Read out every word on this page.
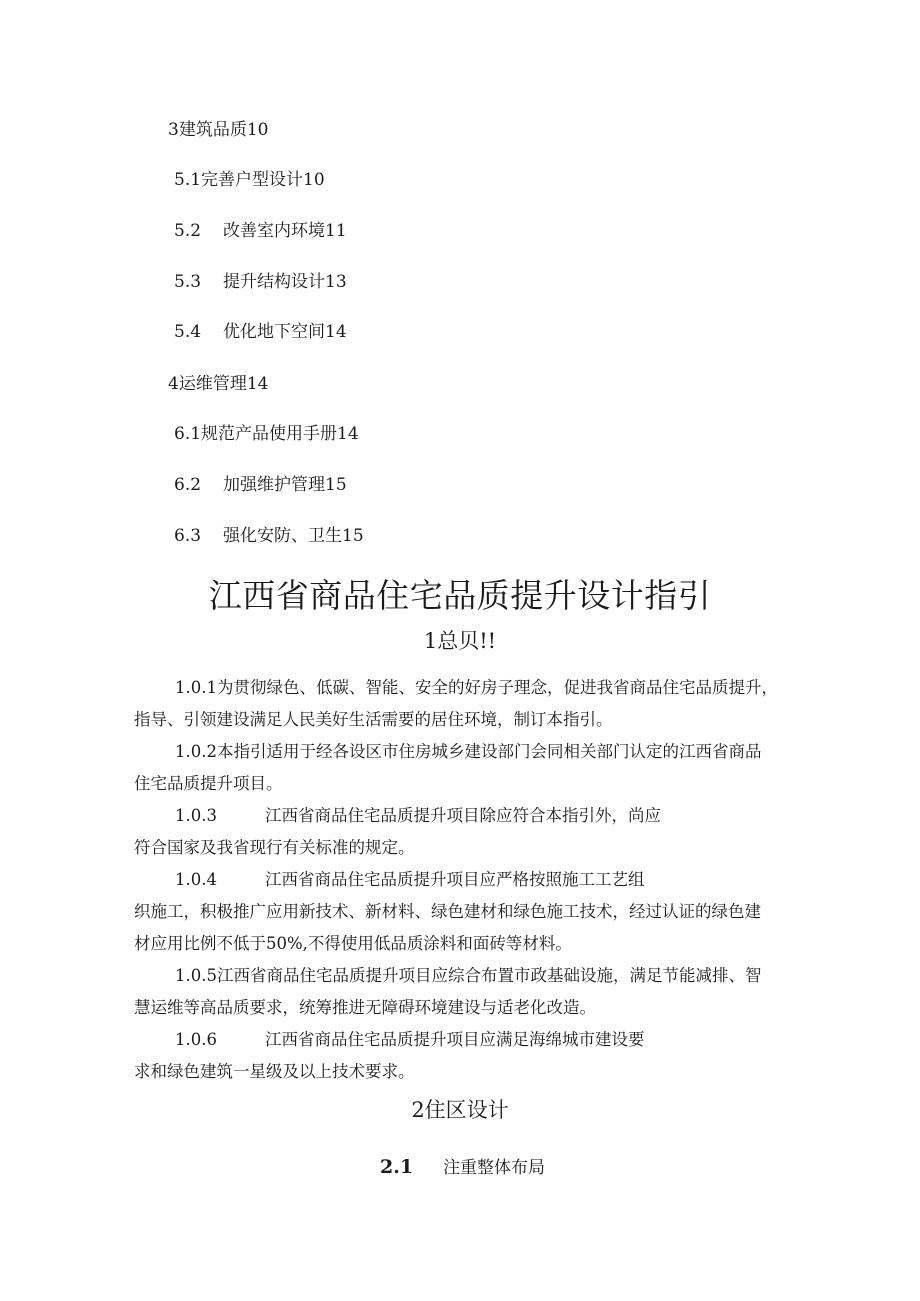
3建筑品质10
5.1完善户型设计10
5.2 改善室内环境11
5.3 提升结构设计13
5.4 优化地下空间14
4运维管理14
6.1规范产品使用手册14
6.2 加强维护管理15
6.3 强化安防、卫生15
江西省商品住宅品质提升设计指引
1总贝!!
1.0.1为贯彻绿色、低碳、智能、安全的好房子理念，促进我省商品住宅品质提升，
指导、引领建设满足人民美好生活需要的居住环境，制订本指引。
1.0.2本指引适用于经各设区市住房城乡建设部门会同相关部门认定的江西省商品
住宅品质提升项目。
1.0.3	江西省商品住宅品质提升项目除应符合本指引外，尚应
符合国家及我省现行有关标准的规定。
1.0.4	江西省商品住宅品质提升项目应严格按照施工工艺组
织施工，积极推广应用新技术、新材料、绿色建材和绿色施工技术，经过认证的绿色建
材应用比例不低于50%,不得使用低品质涂料和面砖等材料。
1.0.5江西省商品住宅品质提升项目应综合布置市政基础设施，满足节能减排、智
慧运维等高品质要求，统筹推进无障碍环境建设与适老化改造。
1.0.6	江西省商品住宅品质提升项目应满足海绵城市建设要
求和绿色建筑一星级及以上技术要求。
2住区设计
2.1 注重整体布局
